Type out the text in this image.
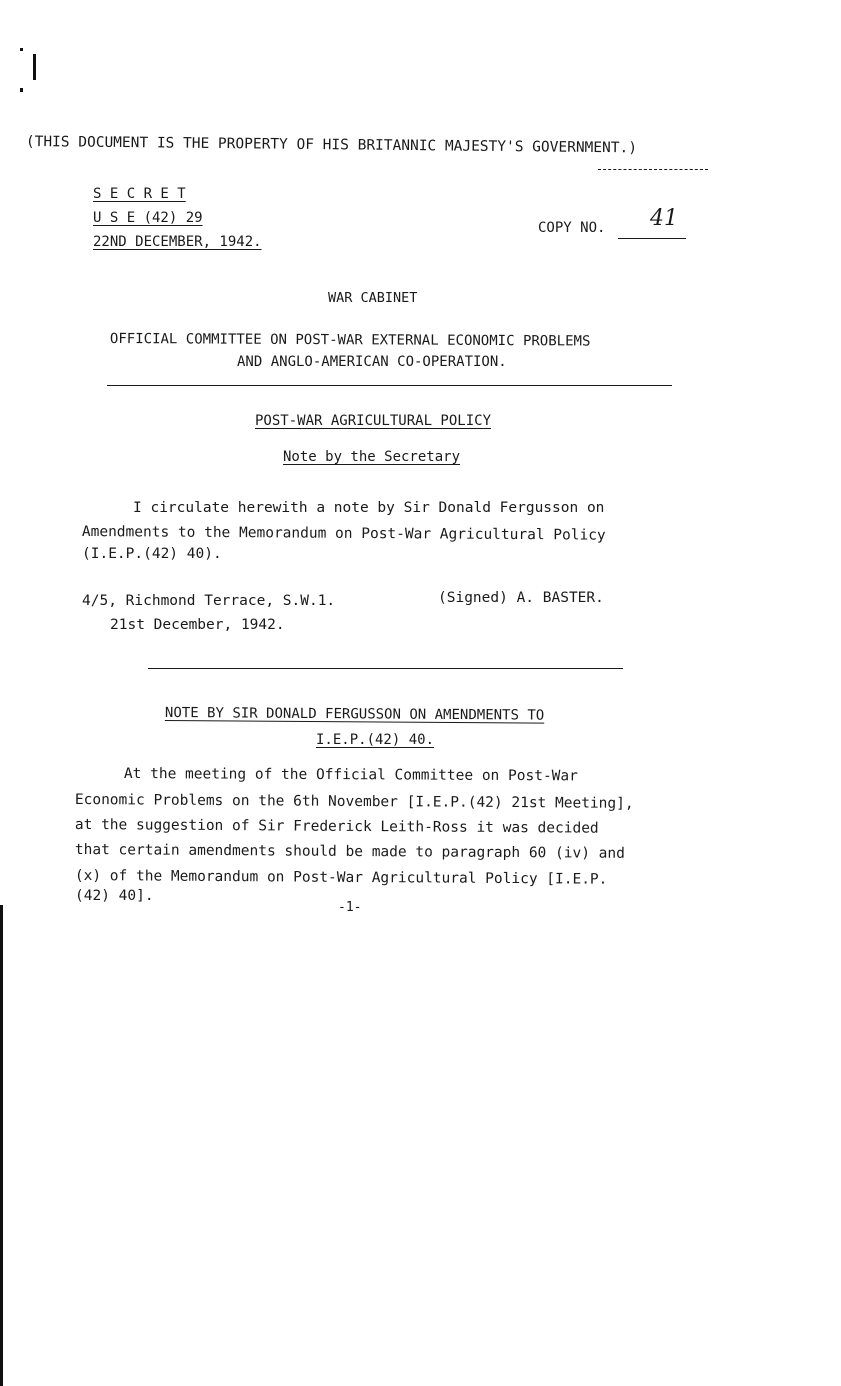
(THIS DOCUMENT IS THE PROPERTY OF HIS BRITANNIC MAJESTY'S GOVERNMENT.)
S E C R E T
U S E (42) 29
22ND DECEMBER, 1942.
COPY NO. 41
WAR CABINET
OFFICIAL COMMITTEE ON POST-WAR EXTERNAL ECONOMIC PROBLEMS
AND ANGLO-AMERICAN CO-OPERATION.
POST-WAR AGRICULTURAL POLICY
Note by the Secretary
I circulate herewith a note by Sir Donald Fergusson on
Amendments to the Memorandum on Post-War Agricultural Policy
(I.E.P.(42) 40).
4/5, Richmond Terrace, S.W.1.	(Signed) A. BASTER.
21st December, 1942.
NOTE BY SIR DONALD FERGUSSON ON AMENDMENTS TO
I.E.P.(42) 40.
At the meeting of the Official Committee on Post-War
Economic Problems on the 6th November [I.E.P.(42) 21st Meeting],
at the suggestion of Sir Frederick Leith-Ross it was decided
that certain amendments should be made to paragraph 60 (iv) and
(x) of the Memorandum on Post-War Agricultural Policy [I.E.P.
(42) 40].
-1-
